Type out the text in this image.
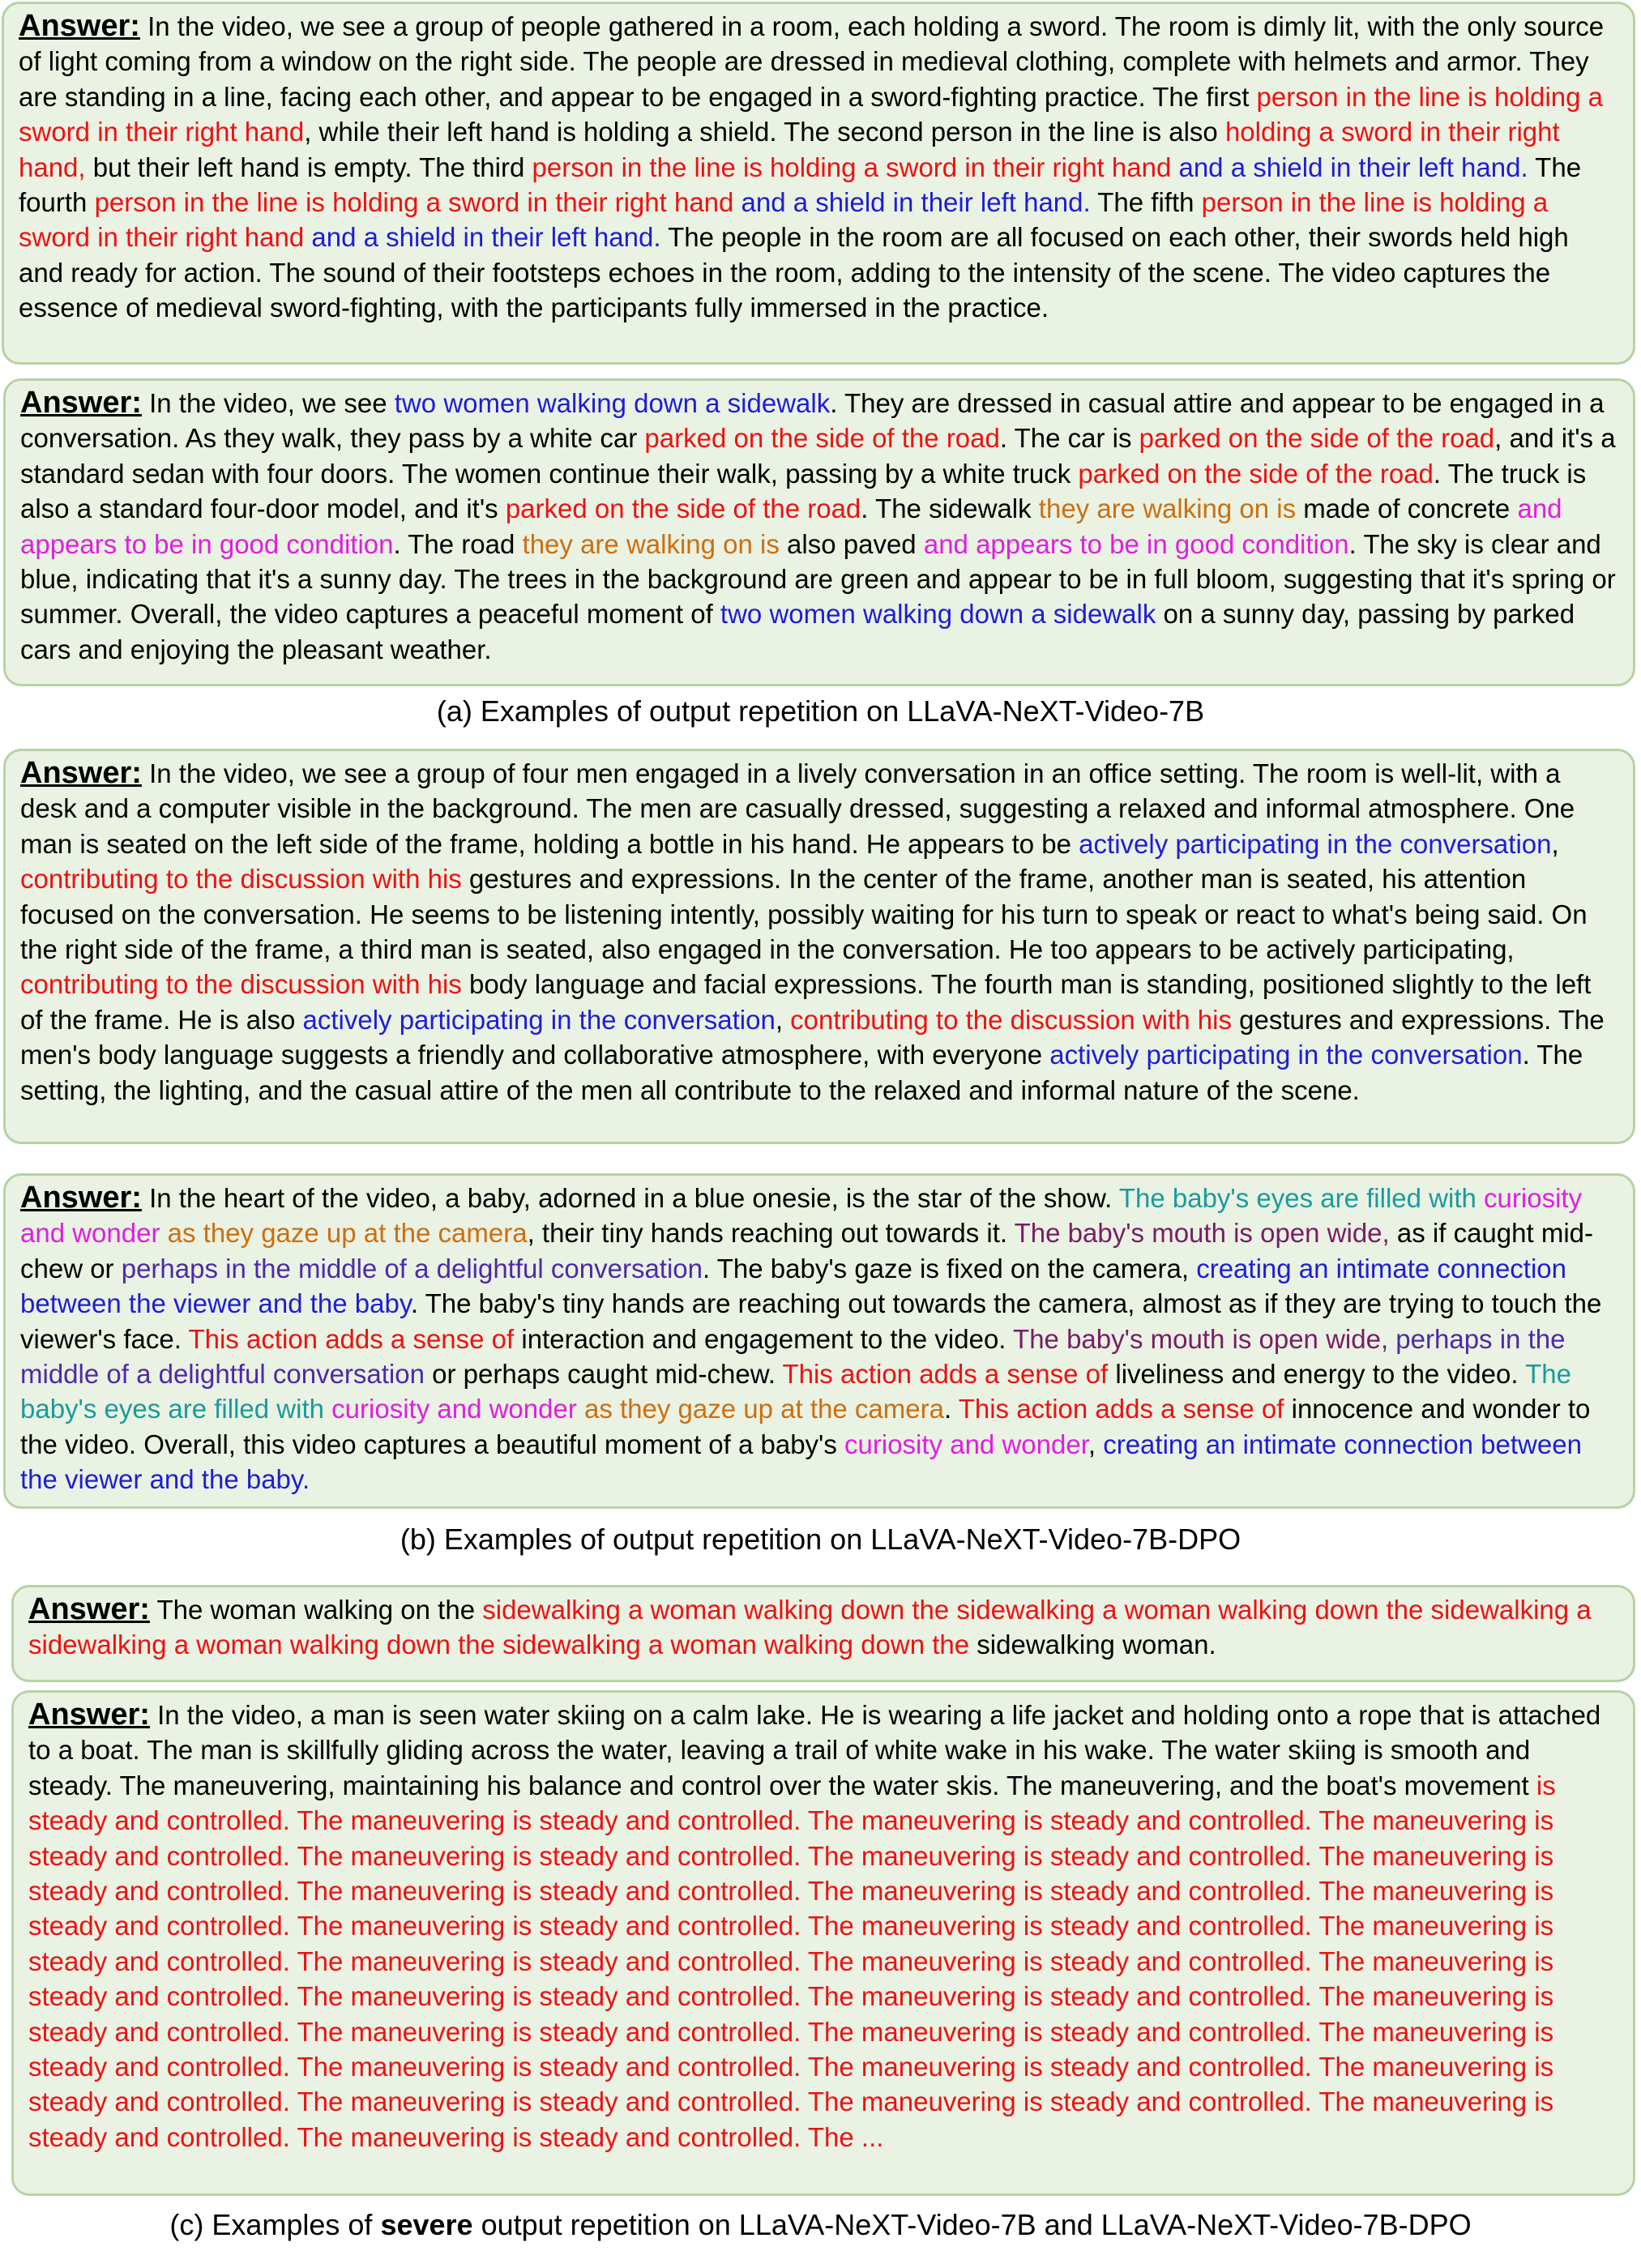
Answer: In the video, we see a group of people gathered in a room, each holding a sword. The room is dimly lit, with the only source of light coming from a window on the right side. The people are dressed in medieval clothing, complete with helmets and armor. They are standing in a line, facing each other, and appear to be engaged in a sword-fighting practice. The first person in the line is holding a sword in their right hand, while their left hand is holding a shield. The second person in the line is also holding a sword in their right hand, but their left hand is empty. The third person in the line is holding a sword in their right hand and a shield in their left hand. The fourth person in the line is holding a sword in their right hand and a shield in their left hand. The fifth person in the line is holding a sword in their right hand and a shield in their left hand. The people in the room are all focused on each other, their swords held high and ready for action. The sound of their footsteps echoes in the room, adding to the intensity of the scene. The video captures the essence of medieval sword-fighting, with the participants fully immersed in the practice.
Answer: In the video, we see two women walking down a sidewalk. They are dressed in casual attire and appear to be engaged in a conversation. As they walk, they pass by a white car parked on the side of the road. The car is parked on the side of the road, and it's a standard sedan with four doors. The women continue their walk, passing by a white truck parked on the side of the road. The truck is also a standard four-door model, and it's parked on the side of the road. The sidewalk they are walking on is made of concrete and appears to be in good condition. The road they are walking on is also paved and appears to be in good condition. The sky is clear and blue, indicating that it's a sunny day. The trees in the background are green and appear to be in full bloom, suggesting that it's spring or summer. Overall, the video captures a peaceful moment of two women walking down a sidewalk on a sunny day, passing by parked cars and enjoying the pleasant weather.
(a) Examples of output repetition on LLaVA-NeXT-Video-7B
Answer: In the video, we see a group of four men engaged in a lively conversation in an office setting. The room is well-lit, with a desk and a computer visible in the background. The men are casually dressed, suggesting a relaxed and informal atmosphere. One man is seated on the left side of the frame, holding a bottle in his hand. He appears to be actively participating in the conversation, contributing to the discussion with his gestures and expressions. In the center of the frame, another man is seated, his attention focused on the conversation. He seems to be listening intently, possibly waiting for his turn to speak or react to what's being said. On the right side of the frame, a third man is seated, also engaged in the conversation. He too appears to be actively participating, contributing to the discussion with his body language and facial expressions. The fourth man is standing, positioned slightly to the left of the frame. He is also actively participating in the conversation, contributing to the discussion with his gestures and expressions. The men's body language suggests a friendly and collaborative atmosphere, with everyone actively participating in the conversation. The setting, the lighting, and the casual attire of the men all contribute to the relaxed and informal nature of the scene.
Answer: In the heart of the video, a baby, adorned in a blue onesie, is the star of the show. The baby's eyes are filled with curiosity and wonder as they gaze up at the camera, their tiny hands reaching out towards it. The baby's mouth is open wide, as if caught mid-chew or perhaps in the middle of a delightful conversation. The baby's gaze is fixed on the camera, creating an intimate connection between the viewer and the baby. The baby's tiny hands are reaching out towards the camera, almost as if they are trying to touch the viewer's face. This action adds a sense of interaction and engagement to the video. The baby's mouth is open wide, perhaps in the middle of a delightful conversation or perhaps caught mid-chew. This action adds a sense of liveliness and energy to the video. The baby's eyes are filled with curiosity and wonder as they gaze up at the camera. This action adds a sense of innocence and wonder to the video. Overall, this video captures a beautiful moment of a baby's curiosity and wonder, creating an intimate connection between the viewer and the baby.
(b) Examples of output repetition on LLaVA-NeXT-Video-7B-DPO
Answer: The woman walking on the sidewalking a woman walking down the sidewalking a woman walking down the sidewalking a sidewalking a woman walking down the sidewalking a woman walking down the sidewalking woman.
Answer: In the video, a man is seen water skiing on a calm lake. He is wearing a life jacket and holding onto a rope that is attached to a boat. The man is skillfully gliding across the water, leaving a trail of white wake in his wake. The water skiing is smooth and steady. The maneuvering, maintaining his balance and control over the water skis. The maneuvering, and the boat's movement is steady and controlled. The maneuvering is steady and controlled. The maneuvering is steady and controlled. The maneuvering is steady and controlled. The maneuvering is steady and controlled. The maneuvering is steady and controlled. The maneuvering is steady and controlled. The maneuvering is steady and controlled. The maneuvering is steady and controlled. The maneuvering is steady and controlled. The maneuvering is steady and controlled. The maneuvering is steady and controlled. The maneuvering is steady and controlled. The maneuvering is steady and controlled. The maneuvering is steady and controlled. The maneuvering is steady and controlled. The maneuvering is steady and controlled. The maneuvering is steady and controlled. The maneuvering is steady and controlled. The maneuvering is steady and controlled. The maneuvering is steady and controlled. The maneuvering is steady and controlled. The maneuvering is steady and controlled. The maneuvering is steady and controlled. The maneuvering is steady and controlled. The maneuvering is steady and controlled. The maneuvering is steady and controlled. The maneuvering is steady and controlled. The maneuvering is steady and controlled. The ...
(c) Examples of severe output repetition on LLaVA-NeXT-Video-7B and LLaVA-NeXT-Video-7B-DPO
